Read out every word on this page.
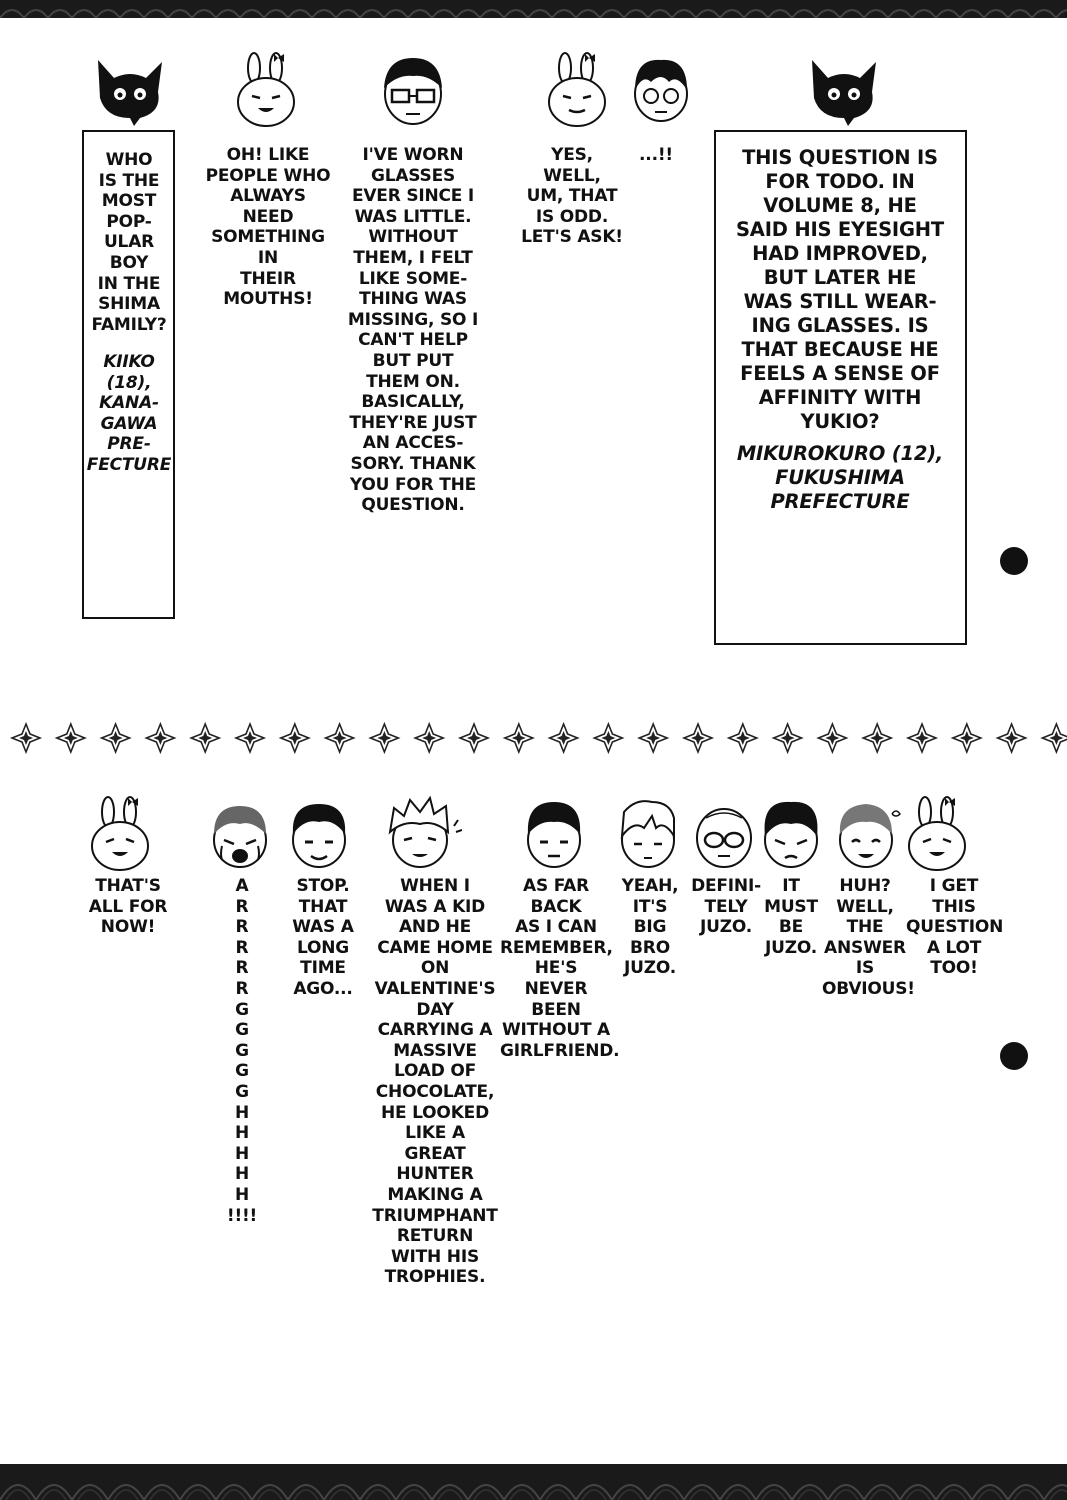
WHO
IS THE
MOST
POP-
ULAR
BOY
IN THE
SHIMA
FAMILY?
KIIKO
(18),
KANA-
GAWA
PRE-
FECTURE
OH! LIKE
PEOPLE WHO
ALWAYS NEED
SOMETHING IN
THEIR
MOUTHS!
I'VE WORN
GLASSES
EVER SINCE I
WAS LITTLE.
WITHOUT
THEM, I FELT
LIKE SOME-
THING WAS
MISSING, SO I
CAN'T HELP
BUT PUT
THEM ON.
BASICALLY,
THEY'RE JUST
AN ACCES-
SORY. THANK
YOU FOR THE
QUESTION.
YES,
WELL,
UM, THAT
IS ODD.
LET'S ASK!
...!!	THIS QUESTION IS
FOR TODO. IN
VOLUME 8, HE
SAID HIS EYESIGHT
HAD IMPROVED,
BUT LATER HE
WAS STILL WEAR-
ING GLASSES. IS
THAT BECAUSE HE
FEELS A SENSE OF
AFFINITY WITH
YUKIO?
MIKUROKURO (12),
FUKUSHIMA
PREFECTURE
THAT'S
ALL FOR
NOW!
A
R
R
R
R
R
G
G
G
G
G
H
H
H
H
H
!!!!
STOP.
THAT
WAS A
LONG
TIME
AGO...
WHEN I
WAS A KID
AND HE
CAME HOME
ON
VALENTINE'S
DAY
CARRYING A
MASSIVE
LOAD OF
CHOCOLATE,
HE LOOKED
LIKE A
GREAT
HUNTER
MAKING A
TRIUMPHANT
RETURN
WITH HIS
TROPHIES.
AS FAR
BACK
AS I CAN
REMEMBER,
HE'S
NEVER
BEEN
WITHOUT A
GIRLFRIEND.
YEAH,
IT'S
BIG
BRO
JUZO.
DEFINI-
TELY
JUZO.
IT
MUST
BE
JUZO.
HUH?
WELL,
THE
ANSWER
IS
OBVIOUS!
I GET
THIS
QUESTION
A LOT
TOO!
